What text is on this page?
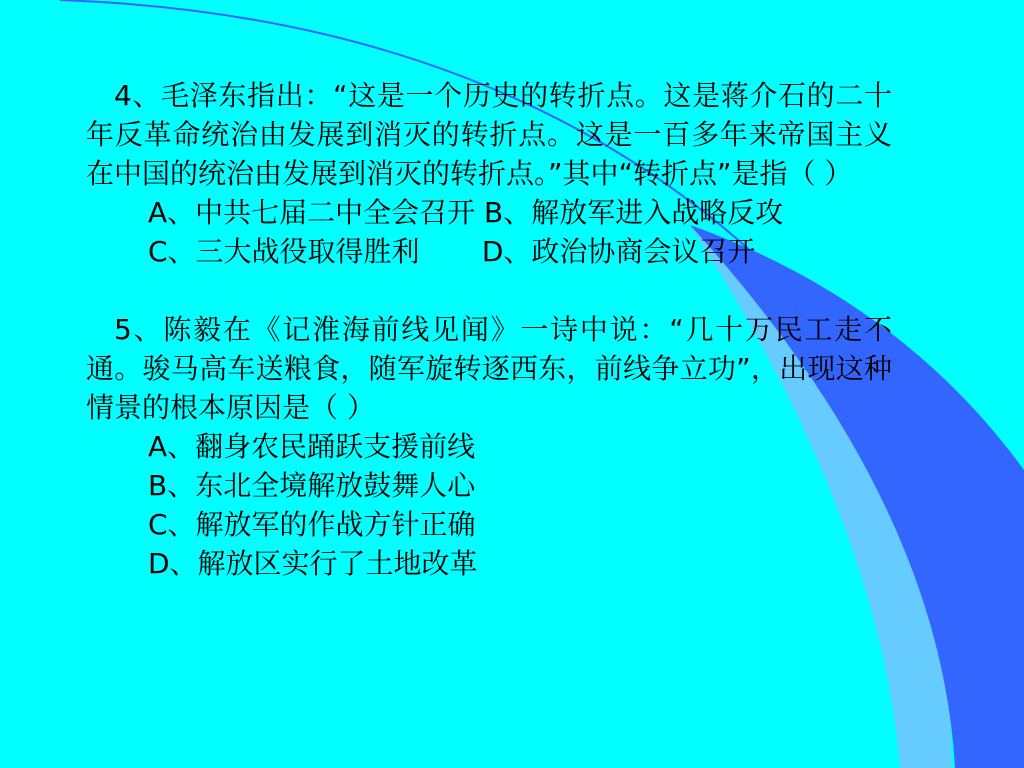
4、毛泽东指出：“这是一个历史的转折点。这是蒋介石的二十年反革命统治由发展到消灭的转折点。这是一百多年来帝国主义在中国的统治由发展到消灭的转折点。”其中“转折点”是指（ ）

A、中共七届二中全会召开 B、解放军进入战略反攻

C、三大战役取得胜利 D、政治协商会议召开

5、陈毅在《记淮海前线见闻》一诗中说：“几十万民工走不通。骏马高车送粮食，随军旋转逐西东，前线争立功”，出现这种情景的根本原因是（ ）

A、翻身农民踊跃支援前线

B、东北全境解放鼓舞人心

C、解放军的作战方针正确

D、解放区实行了土地改革
